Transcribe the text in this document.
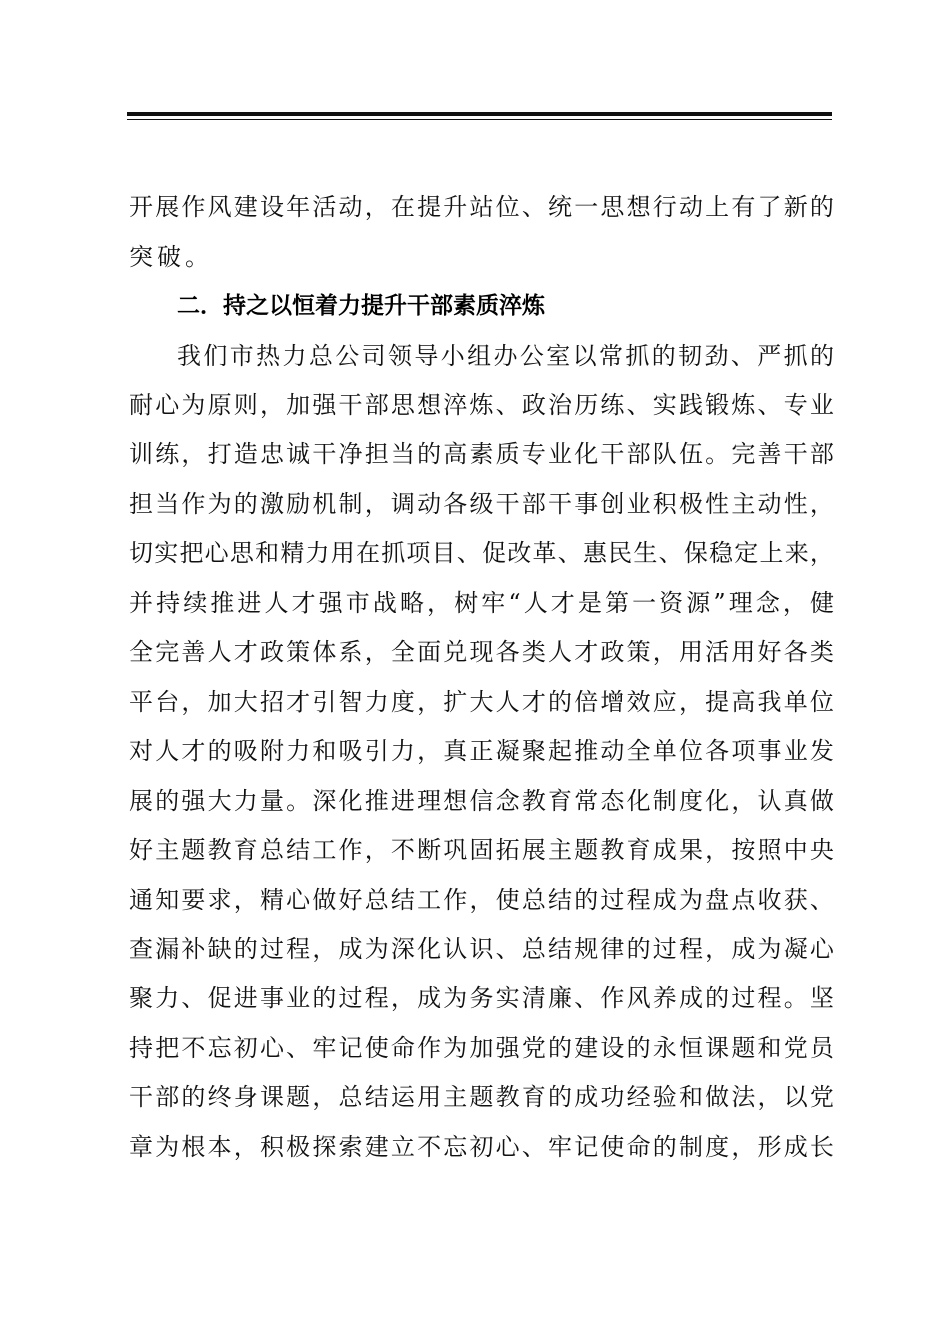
开 展 作 风 建 设 年 活 动 ， 在 提 升 站 位 、 统 一 思 想 行 动 上 有 了 新 的
突破。
二．持之以恒着力提升干部素质淬炼
我 们 市 热 力 总 公 司 领 导 小 组 办 公 室 以 常 抓 的 韧 劲 、 严 抓 的
耐 心 为 原 则 ， 加 强 干 部 思 想 淬 炼 、 政 治 历 练 、 实 践 锻 炼 、 专 业
训 练 ， 打 造 忠 诚 干 净 担 当 的 高 素 质 专 业 化 干 部 队 伍 。 完 善 干 部
担 当 作 为 的 激 励 机 制 ， 调 动 各 级 干 部 干 事 创 业 积 极 性 主 动 性 ，
切 实 把 心 思 和 精 力 用 在 抓 项 目 、 促 改 革 、 惠 民 生 、 保 稳 定 上 来 ，
并 持 续 推 进 人 才 强 市 战 略 ， 树 牢 “ 人 才 是 第 一 资 源 ” 理 念 ， 健
全 完 善 人 才 政 策 体 系 ， 全 面 兑 现 各 类 人 才 政 策 ， 用 活 用 好 各 类
平 台 ， 加 大 招 才 引 智 力 度 ， 扩 大 人 才 的 倍 增 效 应 ， 提 高 我 单 位
对 人 才 的 吸 附 力 和 吸 引 力 ， 真 正 凝 聚 起 推 动 全 单 位 各 项 事 业 发
展 的 强 大 力 量 。 深 化 推 进 理 想 信 念 教 育 常 态 化 制 度 化 ， 认 真 做
好 主 题 教 育 总 结 工 作 ， 不 断 巩 固 拓 展 主 题 教 育 成 果 ， 按 照 中 央
通 知 要 求 ， 精 心 做 好 总 结 工 作 ， 使 总 结 的 过 程 成 为 盘 点 收 获 、
查 漏 补 缺 的 过 程 ， 成 为 深 化 认 识 、 总 结 规 律 的 过 程 ， 成 为 凝 心
聚 力 、 促 进 事 业 的 过 程 ， 成 为 务 实 清 廉 、 作 风 养 成 的 过 程 。 坚
持 把 不 忘 初 心 、 牢 记 使 命 作 为 加 强 党 的 建 设 的 永 恒 课 题 和 党 员
干 部 的 终 身 课 题 ， 总 结 运 用 主 题 教 育 的 成 功 经 验 和 做 法 ， 以 党
章 为 根 本 ， 积 极 探 索 建 立 不 忘 初 心 、 牢 记 使 命 的 制 度 ， 形 成 长
